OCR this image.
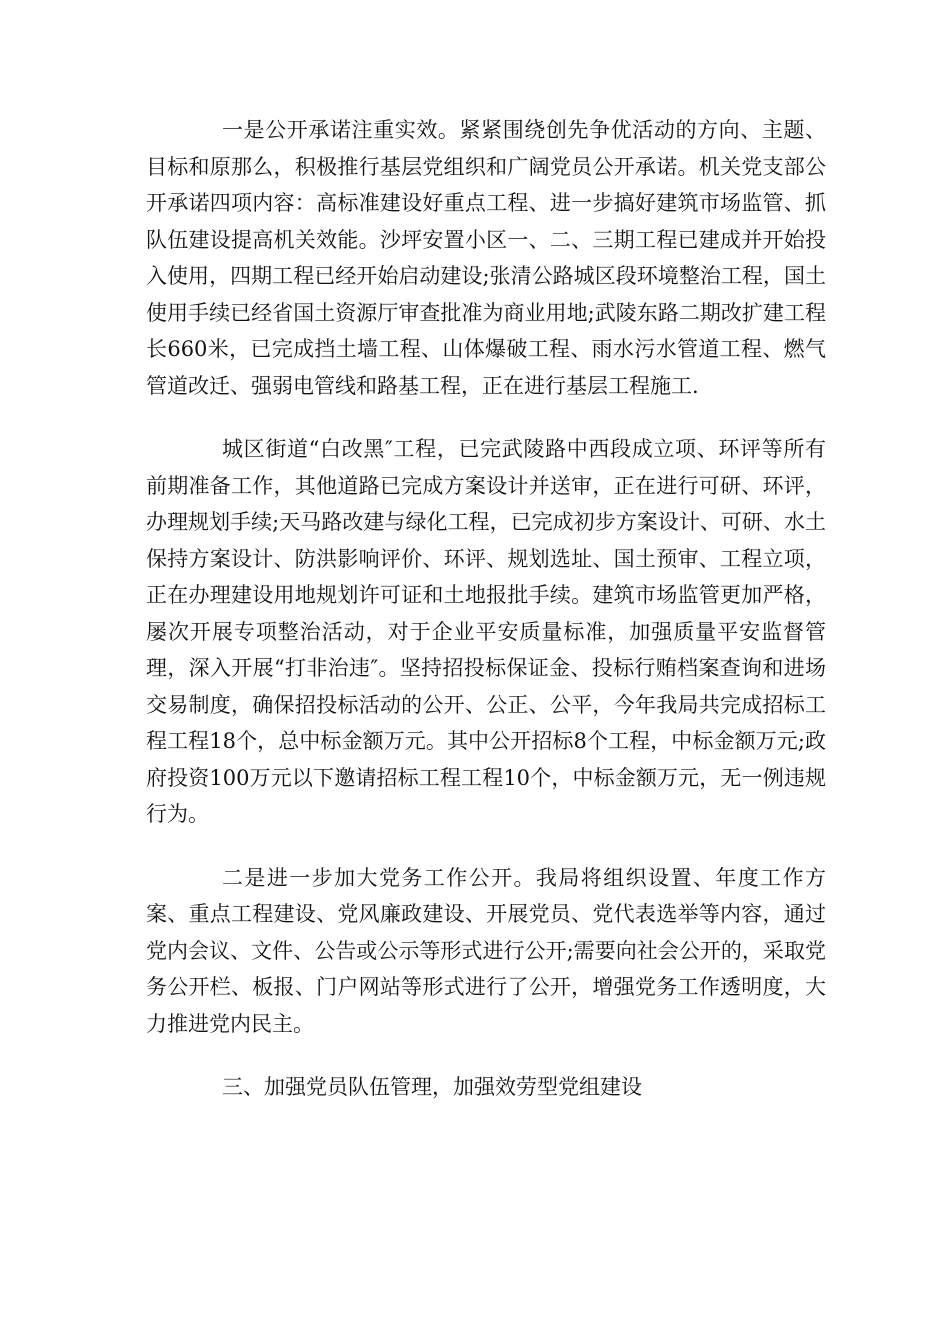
一是公开承诺注重实效。紧紧围绕创先争优活动的方向、主题、目标和原那么，积极推行基层党组织和广阔党员公开承诺。机关党支部公开承诺四项内容：高标准建设好重点工程、进一步搞好建筑市场监管、抓队伍建设提高机关效能。沙坪安置小区一、二、三期工程已建成并开始投入使用，四期工程已经开始启动建设;张清公路城区段环境整治工程，国土使用手续已经省国土资源厅审查批准为商业用地;武陵东路二期改扩建工程长660米，已完成挡土墙工程、山体爆破工程、雨水污水管道工程、燃气管道改迁、强弱电管线和路基工程，正在进行基层工程施工.

城区街道“白改黑″工程，已完武陵路中西段成立项、环评等所有前期准备工作，其他道路已完成方案设计并送审，正在进行可研、环评，办理规划手续;天马路改建与绿化工程，已完成初步方案设计、可研、水土保持方案设计、防洪影响评价、环评、规划选址、国土预审、工程立项，正在办理建设用地规划许可证和土地报批手续。建筑市场监管更加严格，屡次开展专项整治活动，对于企业平安质量标准，加强质量平安监督管理，深入开展“打非治违″。坚持招投标保证金、投标行贿档案查询和进场交易制度，确保招投标活动的公开、公正、公平，今年我局共完成招标工程工程18个，总中标金额万元。其中公开招标8个工程，中标金额万元;政府投资100万元以下邀请招标工程工程10个，中标金额万元，无一例违规行为。

二是进一步加大党务工作公开。我局将组织设置、年度工作方案、重点工程建设、党风廉政建设、开展党员、党代表选举等内容，通过党内会议、文件、公告或公示等形式进行公开;需要向社会公开的，采取党务公开栏、板报、门户网站等形式进行了公开，增强党务工作透明度，大力推进党内民主。

三、加强党员队伍管理，加强效劳型党组建设
